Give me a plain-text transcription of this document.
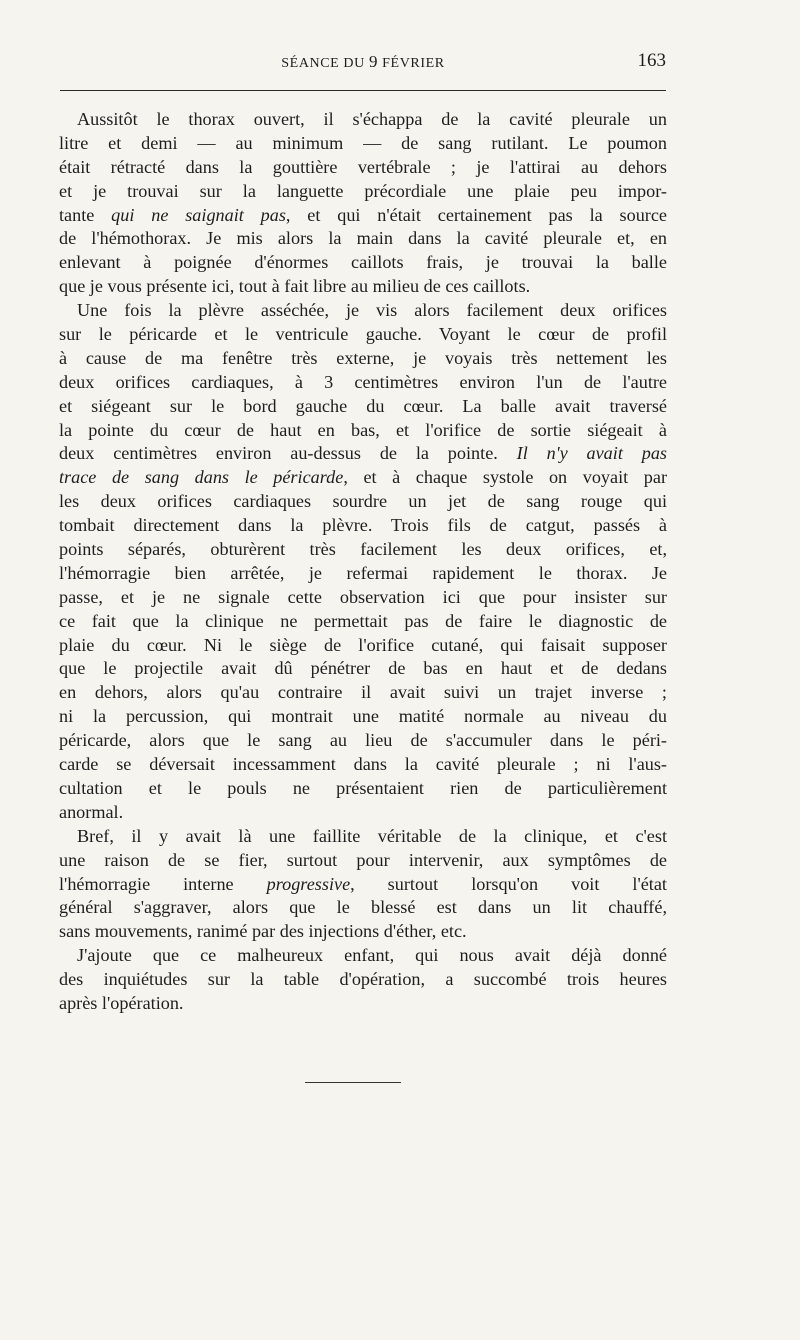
SÉANCE DU 9 FÉVRIER	163
Aussitôt le thorax ouvert, il s'échappa de la cavité pleurale un
litre et demi — au minimum — de sang rutilant. Le poumon
était rétracté dans la gouttière vertébrale ; je l'attirai au dehors
et je trouvai sur la languette précordiale une plaie peu impor-
tante qui ne saignait pas, et qui n'était certainement pas la source
de l'hémothorax. Je mis alors la main dans la cavité pleurale et, en
enlevant à poignée d'énormes caillots frais, je trouvai la balle
que je vous présente ici, tout à fait libre au milieu de ces caillots.
Une fois la plèvre asséchée, je vis alors facilement deux orifices
sur le péricarde et le ventricule gauche. Voyant le cœur de profil
à cause de ma fenêtre très externe, je voyais très nettement les
deux orifices cardiaques, à 3 centimètres environ l'un de l'autre
et siégeant sur le bord gauche du cœur. La balle avait traversé
la pointe du cœur de haut en bas, et l'orifice de sortie siégeait à
deux centimètres environ au-dessus de la pointe. Il n'y avait pas
trace de sang dans le péricarde, et à chaque systole on voyait par
les deux orifices cardiaques sourdre un jet de sang rouge qui
tombait directement dans la plèvre. Trois fils de catgut, passés à
points séparés, obturèrent très facilement les deux orifices, et,
l'hémorragie bien arrêtée, je refermai rapidement le thorax. Je
passe, et je ne signale cette observation ici que pour insister sur
ce fait que la clinique ne permettait pas de faire le diagnostic de
plaie du cœur. Ni le siège de l'orifice cutané, qui faisait supposer
que le projectile avait dû pénétrer de bas en haut et de dedans
en dehors, alors qu'au contraire il avait suivi un trajet inverse ;
ni la percussion, qui montrait une matité normale au niveau du
péricarde, alors que le sang au lieu de s'accumuler dans le péri-
carde se déversait incessamment dans la cavité pleurale ; ni l'aus-
cultation et le pouls ne présentaient rien de particulièrement
anormal.
Bref, il y avait là une faillite véritable de la clinique, et c'est
une raison de se fier, surtout pour intervenir, aux symptômes de
l'hémorragie interne progressive, surtout lorsqu'on voit l'état
général s'aggraver, alors que le blessé est dans un lit chauffé,
sans mouvements, ranimé par des injections d'éther, etc.
J'ajoute que ce malheureux enfant, qui nous avait déjà donné
des inquiétudes sur la table d'opération, a succombé trois heures
après l'opération.
